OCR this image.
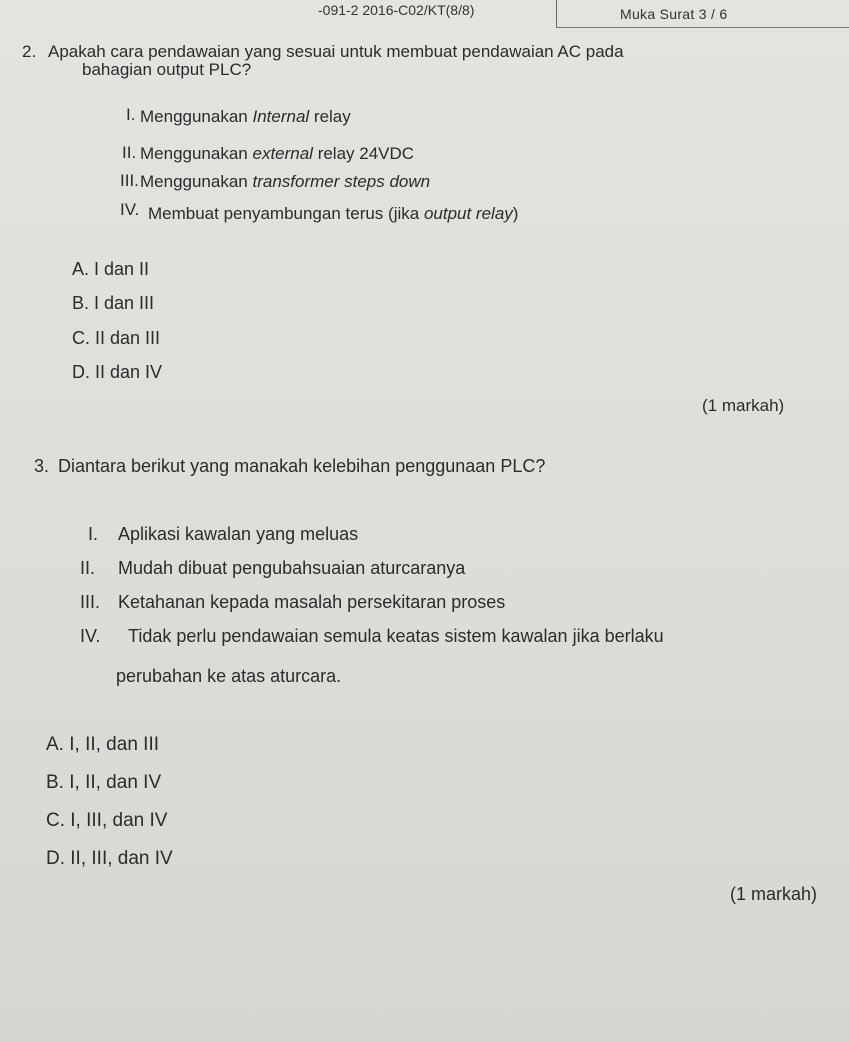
-091-2 2016-C02/KT(8/8)	Muka Surat 3 / 6
2. Apakah cara pendawaian yang sesuai untuk membuat pendawaian AC pada
bahagian output PLC?
I. Menggunakan Internal relay
II. Menggunakan external relay 24VDC
III. Menggunakan transformer steps down
IV. Membuat penyambungan terus (jika output relay)
A. I dan II
B. I dan III
C. II dan III
D. II dan IV
(1 markah)
3. Diantara berikut yang manakah kelebihan penggunaan PLC?
I. Aplikasi kawalan yang meluas
II. Mudah dibuat pengubahsuaian aturcaranya
III. Ketahanan kepada masalah persekitaran proses
IV. Tidak perlu pendawaian semula keatas sistem kawalan jika berlaku
perubahan ke atas aturcara.
A. I, II, dan III
B. I, II, dan IV
C. I, III, dan IV
D. II, III, dan IV
(1 markah)
